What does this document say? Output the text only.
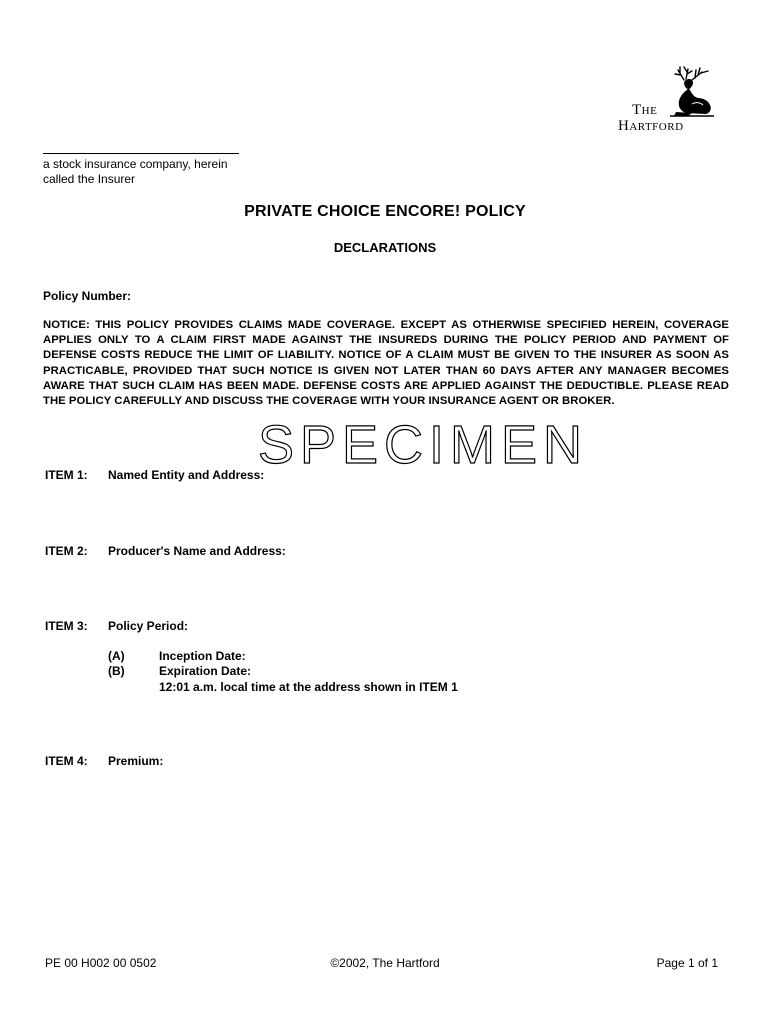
The
Hartford
a stock insurance company, herein
called the Insurer
PRIVATE CHOICE ENCORE! POLICY
DECLARATIONS
Policy Number:
NOTICE: THIS POLICY PROVIDES CLAIMS MADE COVERAGE. EXCEPT AS OTHERWISE SPECIFIED HEREIN, COVERAGE APPLIES ONLY TO A CLAIM FIRST MADE AGAINST THE INSUREDS DURING THE POLICY PERIOD AND PAYMENT OF DEFENSE COSTS REDUCE THE LIMIT OF LIABILITY. NOTICE OF A CLAIM MUST BE GIVEN TO THE INSURER AS SOON AS PRACTICABLE, PROVIDED THAT SUCH NOTICE IS GIVEN NOT LATER THAN 60 DAYS AFTER ANY MANAGER BECOMES AWARE THAT SUCH CLAIM HAS BEEN MADE. DEFENSE COSTS ARE APPLIED AGAINST THE DEDUCTIBLE. PLEASE READ THE POLICY CAREFULLY AND DISCUSS THE COVERAGE WITH YOUR INSURANCE AGENT OR BROKER.
SPECIMEN
ITEM 1: Named Entity and Address:
ITEM 2: Producer's Name and Address:
ITEM 3: Policy Period:
(A)	Inception Date:
(B)	Expiration Date:
12:01 a.m. local time at the address shown in ITEM 1
ITEM 4: Premium:
PE 00 H002 00 0502	©2002, The Hartford	Page 1 of 1
